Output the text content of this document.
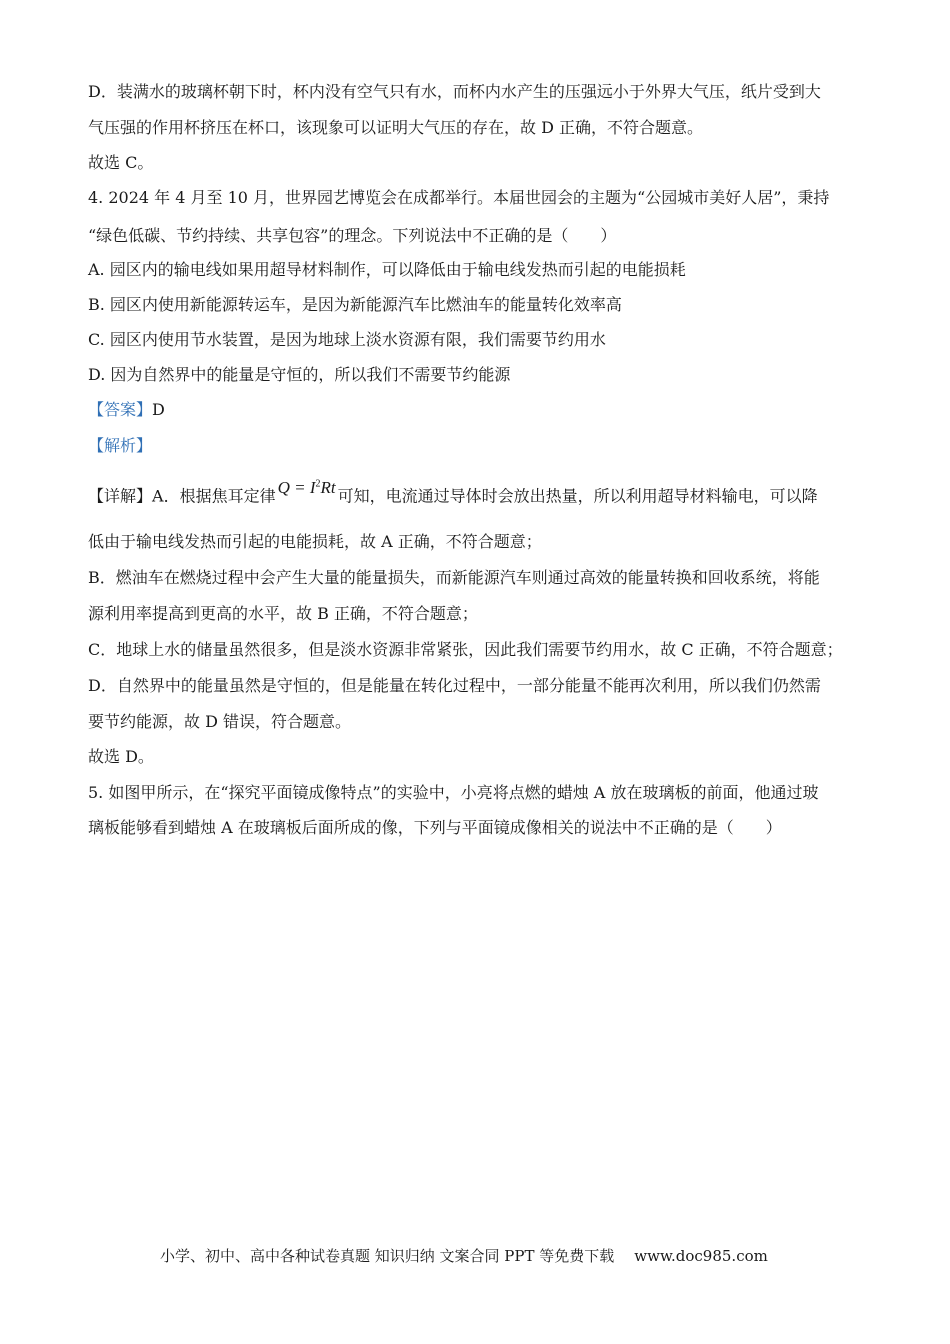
D．装满水的玻璃杯朝下时，杯内没有空气只有水，而杯内水产生的压强远小于外界大气压，纸片受到大
气压强的作用杯挤压在杯口，该现象可以证明大气压的存在，故 D 正确，不符合题意。
故选 C。
4. 2024 年 4 月至 10 月，世界园艺博览会在成都举行。本届世园会的主题为“公园城市美好人居”，秉持
“绿色低碳、节约持续、共享包容”的理念。下列说法中不正确的是（　　）
A. 园区内的输电线如果用超导材料制作，可以降低由于输电线发热而引起的电能损耗
B. 园区内使用新能源转运车，是因为新能源汽车比燃油车的能量转化效率高
C. 园区内使用节水装置，是因为地球上淡水资源有限，我们需要节约用水
D. 因为自然界中的能量是守恒的，所以我们不需要节约能源
【答案】D
【解析】
【详解】A．根据焦耳定律 $Q = I^2Rt$ 可知，电流通过导体时会放出热量，所以利用超导材料输电，可以降
低由于输电线发热而引起的电能损耗，故 A 正确，不符合题意；
B．燃油车在燃烧过程中会产生大量的能量损失，而新能源汽车则通过高效的能量转换和回收系统，将能
源利用率提高到更高的水平，故 B 正确，不符合题意；
C．地球上水的储量虽然很多，但是淡水资源非常紧张，因此我们需要节约用水，故 C 正确，不符合题意；
D．自然界中的能量虽然是守恒的，但是能量在转化过程中，一部分能量不能再次利用，所以我们仍然需
要节约能源，故 D 错误，符合题意。
故选 D。
5. 如图甲所示，在“探究平面镜成像特点”的实验中，小亮将点燃的蜡烛 A 放在玻璃板的前面，他通过玻
璃板能够看到蜡烛 A 在玻璃板后面所成的像，下列与平面镜成像相关的说法中不正确的是（　　）
小学、初中、高中各种试卷真题 知识归纳 文案合同 PPT 等免费下载 www.doc985.com
